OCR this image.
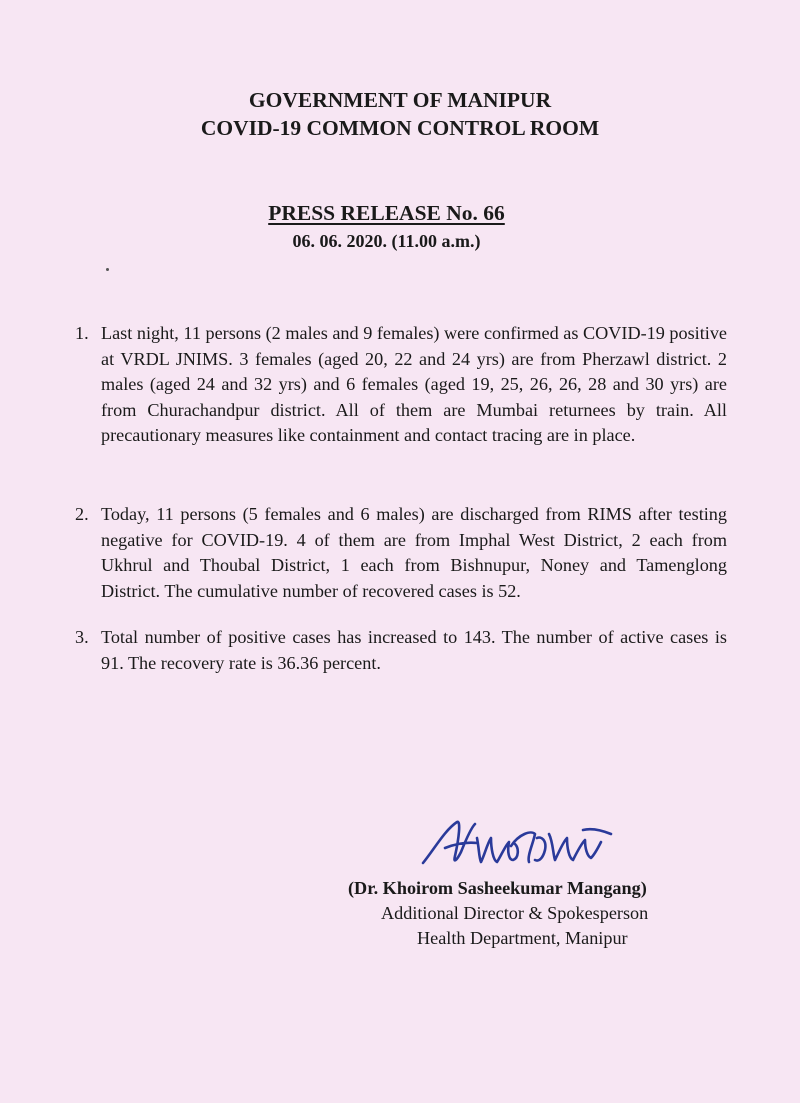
GOVERNMENT OF MANIPUR
COVID-19 COMMON CONTROL ROOM
PRESS RELEASE No. 66
06. 06. 2020. (11.00 a.m.)
1. Last night, 11 persons (2 males and 9 females) were confirmed as COVID-19 positive at VRDL JNIMS. 3 females (aged 20, 22 and 24 yrs) are from Pherzawl district. 2 males (aged 24 and 32 yrs) and 6 females (aged 19, 25, 26, 26, 28 and 30 yrs) are from Churachandpur district. All of them are Mumbai returnees by train. All precautionary measures like containment and contact tracing are in place.
2. Today, 11 persons (5 females and 6 males) are discharged from RIMS after testing negative for COVID-19. 4 of them are from Imphal West District, 2 each from Ukhrul and Thoubal District, 1 each from Bishnupur, Noney and Tamenglong District. The cumulative number of recovered cases is 52.
3. Total number of positive cases has increased to 143. The number of active cases is 91. The recovery rate is 36.36 percent.
(Dr. Khoirom Sasheekumar Mangang)
Additional Director & Spokesperson
Health Department, Manipur
